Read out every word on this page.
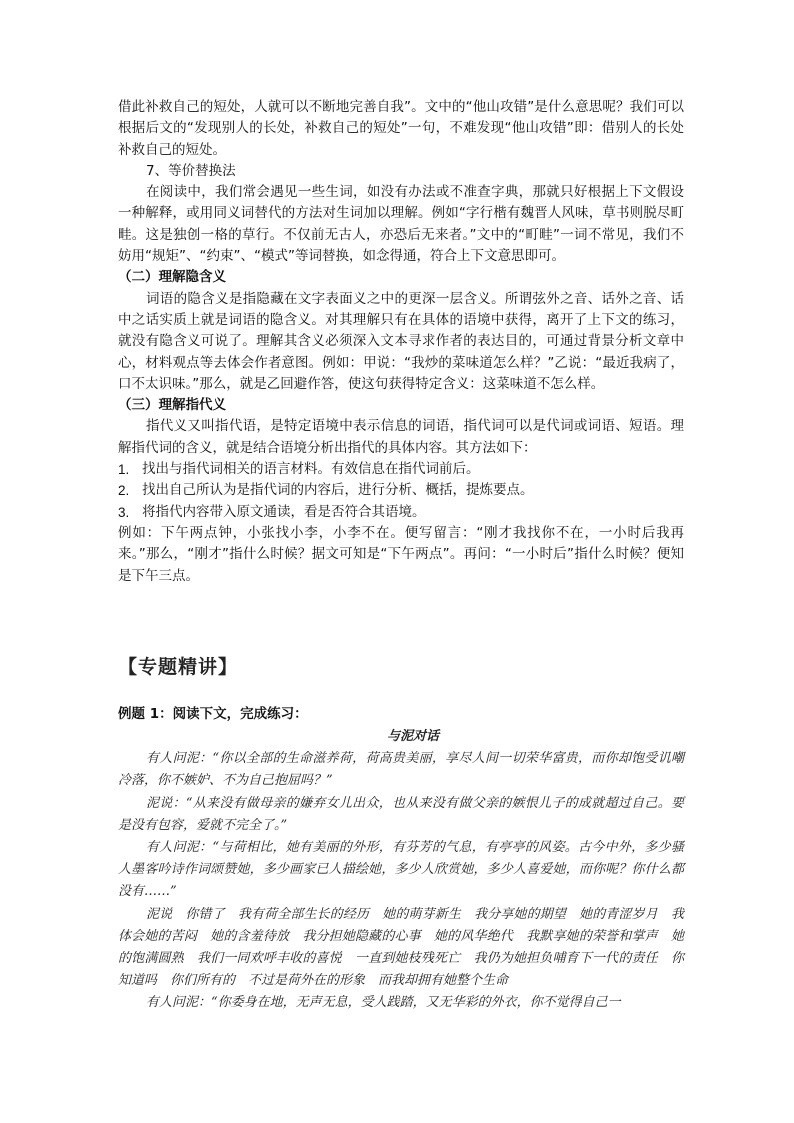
借此补救自己的短处，人就可以不断地完善自我”。文中的“他山攻错”是什么意思呢？我们可以根据后文的“发现别人的长处，补救自己的短处”一句，不难发现“他山攻错”即：借别人的长处补救自己的短处。

7、等价替换法

在阅读中，我们常会遇见一些生词，如没有办法或不准查字典，那就只好根据上下文假设一种解释，或用同义词替代的方法对生词加以理解。例如“字行楷有魏晋人风味，草书则脱尽町畦。这是独创一格的草行。不仅前无古人，亦恐后无来者。”文中的“町畦”一词不常见，我们不妨用“规矩”、“约束”、“模式”等词替换，如念得通，符合上下文意思即可。

（二）理解隐含义

词语的隐含义是指隐藏在文字表面义之中的更深一层含义。所谓弦外之音、话外之音、话中之话实质上就是词语的隐含义。对其理解只有在具体的语境中获得，离开了上下文的练习，就没有隐含义可说了。理解其含义必须深入文本寻求作者的表达目的，可通过背景分析文章中心，材料观点等去体会作者意图。例如：甲说：“我炒的菜味道怎么样？”乙说：“最近我病了，口不太识味。”那么，就是乙回避作答，使这句获得特定含义：这菜味道不怎么样。

（三）理解指代义

指代义又叫指代语，是特定语境中表示信息的词语，指代词可以是代词或词语、短语。理解指代词的含义，就是结合语境分析出指代的具体内容。其方法如下：

1. 找出与指代词相关的语言材料。有效信息在指代词前后。

2. 找出自己所认为是指代词的内容后，进行分析、概括，提炼要点。

3. 将指代内容带入原文通读，看是否符合其语境。

例如：下午两点钟，小张找小李，小李不在。便写留言：“刚才我找你不在，一小时后我再来。”那么，“刚才”指什么时候？据文可知是“下午两点”。再问：“一小时后”指什么时候？便知是下午三点。

【专题精讲】
例题 1：阅读下文，完成练习：

与泥对话

有人问泥：“你以全部的生命滋养荷，荷高贵美丽，享尽人间一切荣华富贵，而你却饱受讥嘲冷落，你不嫉妒、不为自己抱屈吗？”

泥说：“从来没有做母亲的嫌弃女儿出众，也从来没有做父亲的嫉恨儿子的成就超过自己。要是没有包容，爱就不完全了。”

有人问泥：“与荷相比，她有美丽的外形，有芬芳的气息，有亭亭的风姿。古今中外，多少骚人墨客吟诗作词颂赞她，多少画家已人描绘她，多少人欣赏她，多少人喜爱她，而你呢？你什么都没有……”

泥说　你错了　我有荷全部生长的经历　她的萌芽新生　我分享她的期望　她的青涩岁月　我体会她的苦闷　她的含羞待放　我分担她隐藏的心事　她的风华绝代　我默享她的荣誉和掌声　她的饱满圆熟　我们一同欢呼丰收的喜悦　一直到她枝残死亡　我仍为她担负哺育下一代的责任　你知道吗　你们所有的　不过是荷外在的形象　而我却拥有她整个生命

有人问泥：“你委身在地，无声无息，受人践踏，又无华彩的外衣，你不觉得自己一
